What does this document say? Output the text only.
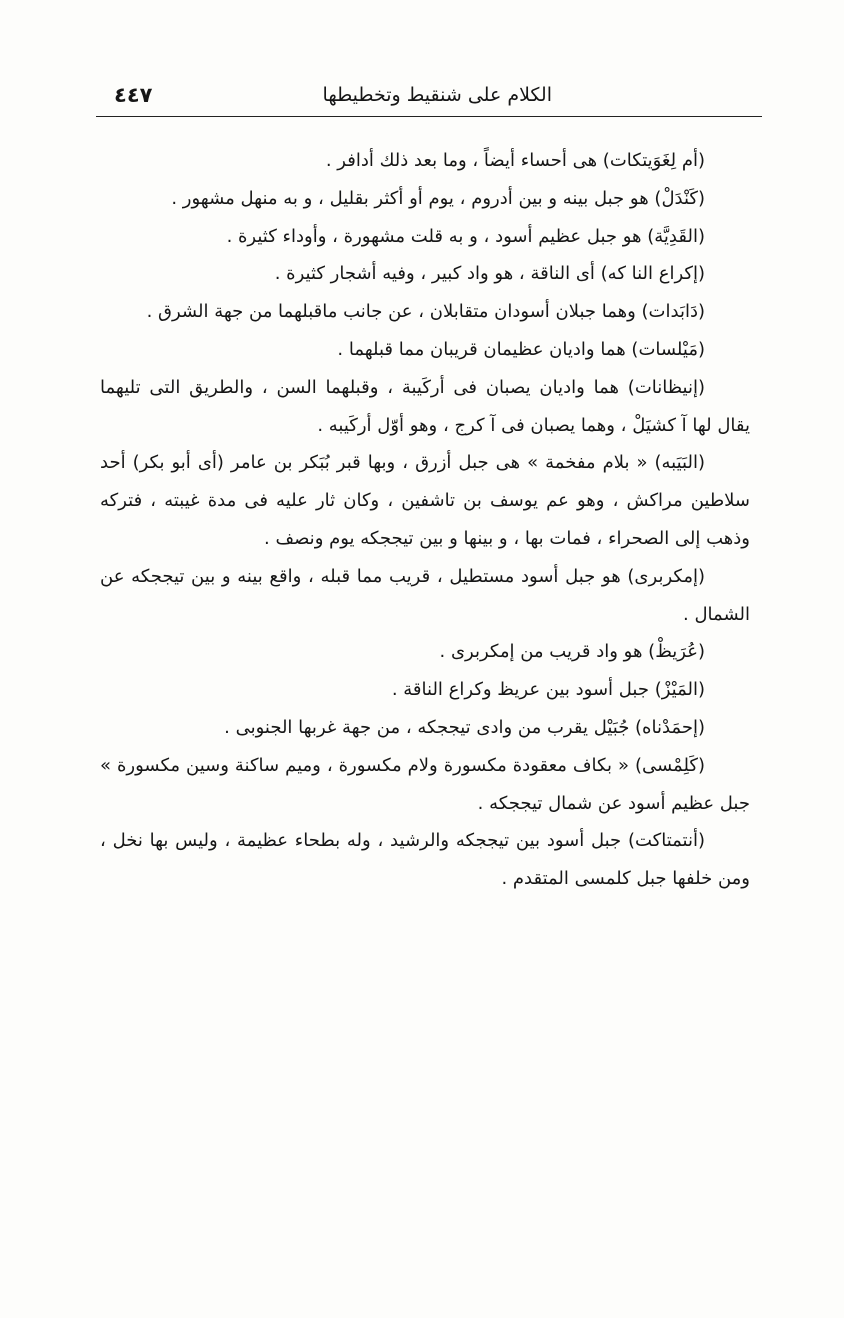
الكلام على شنقيط وتخطيطها
٤٤٧

(أم لِغَوَيتكات) هى أحساء أيضاً ، وما بعد ذلك أدافر .

(كَنْدَلْ) هو جبل بينه و بين أدروم ، يوم أو أكثر بقليل ، و به منهل مشهور .

(القَدِيَّة) هو جبل عظيم أسود ، و به قلت مشهورة ، وأوداء كثيرة .

(إكراع النا كه) أى الناقة ، هو واد كبير ، وفيه أشجار كثيرة .

(دَابَدات) وهما جبلان أسودان متقابلان ، عن جانب ماقبلهما من جهة الشرق .

(مَيْلسات) هما واديان عظيمان قريبان مما قبلهما .

(إنيظانات) هما واديان يصبان فى أركَيبة ، وقبلهما السن ، والطريق التى تليهما يقال لها آ كشيَلْ ، وهما يصبان فى آ كرج ، وهو أوّل أركَيبه .

(البَيَبه) « بلام مفخمة » هى جبل أزرق ، وبها قبر بُبَكر بن عامر (أى أبو بكر) أحد سلاطين مراكش ، وهو عم يوسف بن تاشفين ، وكان ثار عليه فى مدة غيبته ، فتركه وذهب إلى الصحراء ، فمات بها ، و بينها و بين تيججكه يوم ونصف .

(إمكربرى) هو جبل أسود مستطيل ، قريب مما قبله ، واقع بينه و بين تيججكه عن الشمال .

(عُرَيظْ) هو واد قريب من إمكربرى .

(المَيْزْ) جبل أسود بين عريظ وكراع الناقة .

(إحمَدْناه) جُبَيْل يقرب من وادى تيججكه ، من جهة غربها الجنوبى .

(كَلِمْسى) « بكاف معقودة مكسورة ولام مكسورة ، وميم ساكنة وسين مكسورة » جبل عظيم أسود عن شمال تيججكه .

(أنتمتاكت) جبل أسود بين تيججكه والرشيد ، وله بطحاء عظيمة ، وليس بها نخل ، ومن خلفها جبل كلمسى المتقدم .
